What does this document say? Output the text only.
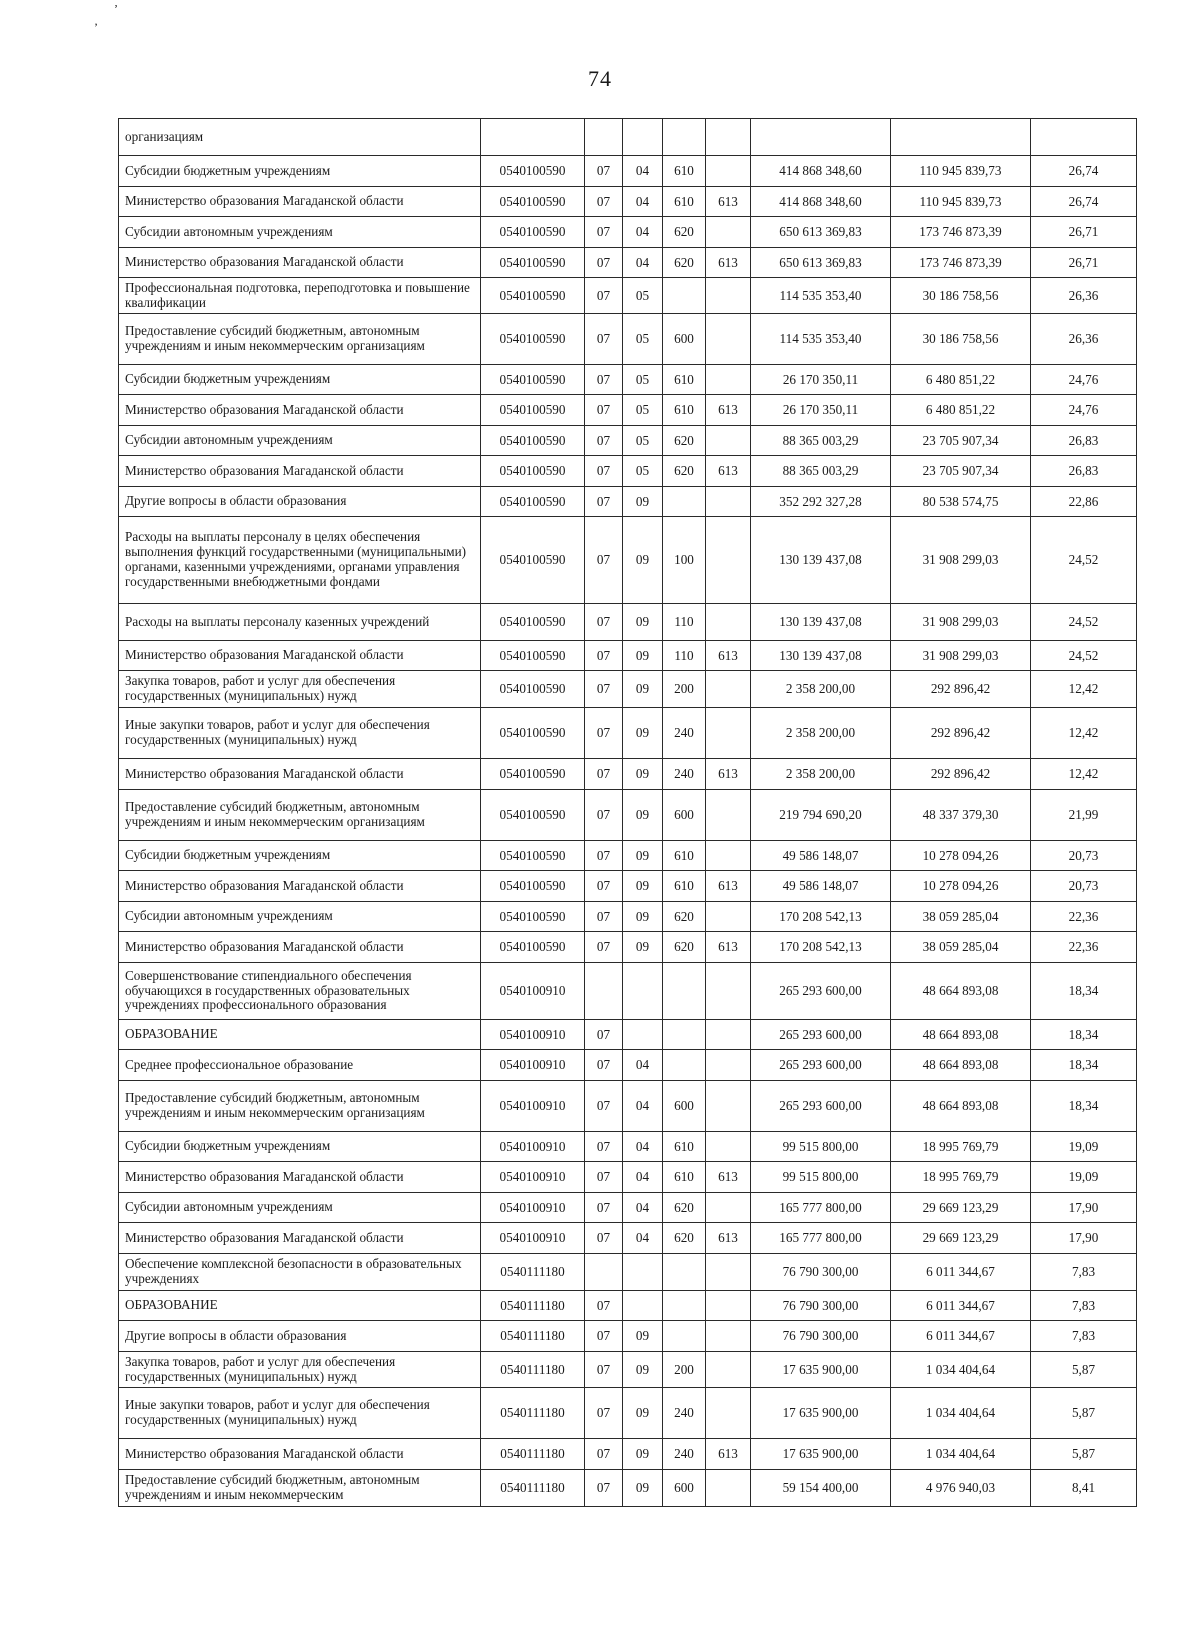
ʼ
’
74
организациям								
Субсидии бюджетным учреждениям	0540100590	07	04	610		414 868 348,60	110 945 839,73	26,74
Министерство образования Магаданской области	0540100590	07	04	610	613	414 868 348,60	110 945 839,73	26,74
Субсидии автономным учреждениям	0540100590	07	04	620		650 613 369,83	173 746 873,39	26,71
Министерство образования Магаданской области	0540100590	07	04	620	613	650 613 369,83	173 746 873,39	26,71
Профессиональная подготовка, переподготовка и повышение квалификации	0540100590	07	05			114 535 353,40	30 186 758,56	26,36
Предоставление субсидий бюджетным, автономным учреждениям и иным некоммерческим организациям	0540100590	07	05	600		114 535 353,40	30 186 758,56	26,36
Субсидии бюджетным учреждениям	0540100590	07	05	610		26 170 350,11	6 480 851,22	24,76
Министерство образования Магаданской области	0540100590	07	05	610	613	26 170 350,11	6 480 851,22	24,76
Субсидии автономным учреждениям	0540100590	07	05	620		88 365 003,29	23 705 907,34	26,83
Министерство образования Магаданской области	0540100590	07	05	620	613	88 365 003,29	23 705 907,34	26,83
Другие вопросы в области образования	0540100590	07	09			352 292 327,28	80 538 574,75	22,86
Расходы на выплаты персоналу в целях обеспечения выполнения функций государственными (муниципальными) органами, казенными учреждениями, органами управления государственными внебюджетными фондами	0540100590	07	09	100		130 139 437,08	31 908 299,03	24,52
Расходы на выплаты персоналу казенных учреждений	0540100590	07	09	110		130 139 437,08	31 908 299,03	24,52
Министерство образования Магаданской области	0540100590	07	09	110	613	130 139 437,08	31 908 299,03	24,52
Закупка товаров, работ и услуг для обеспечения государственных (муниципальных) нужд	0540100590	07	09	200		2 358 200,00	292 896,42	12,42
Иные закупки товаров, работ и услуг для обеспечения государственных (муниципальных) нужд	0540100590	07	09	240		2 358 200,00	292 896,42	12,42
Министерство образования Магаданской области	0540100590	07	09	240	613	2 358 200,00	292 896,42	12,42
Предоставление субсидий бюджетным, автономным учреждениям и иным некоммерческим организациям	0540100590	07	09	600		219 794 690,20	48 337 379,30	21,99
Субсидии бюджетным учреждениям	0540100590	07	09	610		49 586 148,07	10 278 094,26	20,73
Министерство образования Магаданской области	0540100590	07	09	610	613	49 586 148,07	10 278 094,26	20,73
Субсидии автономным учреждениям	0540100590	07	09	620		170 208 542,13	38 059 285,04	22,36
Министерство образования Магаданской области	0540100590	07	09	620	613	170 208 542,13	38 059 285,04	22,36
Совершенствование стипендиального обеспечения обучающихся в государственных образовательных учреждениях профессионального образования	0540100910					265 293 600,00	48 664 893,08	18,34
ОБРАЗОВАНИЕ	0540100910	07				265 293 600,00	48 664 893,08	18,34
Среднее профессиональное образование	0540100910	07	04			265 293 600,00	48 664 893,08	18,34
Предоставление субсидий бюджетным, автономным учреждениям и иным некоммерческим организациям	0540100910	07	04	600		265 293 600,00	48 664 893,08	18,34
Субсидии бюджетным учреждениям	0540100910	07	04	610		99 515 800,00	18 995 769,79	19,09
Министерство образования Магаданской области	0540100910	07	04	610	613	99 515 800,00	18 995 769,79	19,09
Субсидии автономным учреждениям	0540100910	07	04	620		165 777 800,00	29 669 123,29	17,90
Министерство образования Магаданской области	0540100910	07	04	620	613	165 777 800,00	29 669 123,29	17,90
Обеспечение комплексной безопасности в образовательных учреждениях	0540111180					76 790 300,00	6 011 344,67	7,83
ОБРАЗОВАНИЕ	0540111180	07				76 790 300,00	6 011 344,67	7,83
Другие вопросы в области образования	0540111180	07	09			76 790 300,00	6 011 344,67	7,83
Закупка товаров, работ и услуг для обеспечения государственных (муниципальных) нужд	0540111180	07	09	200		17 635 900,00	1 034 404,64	5,87
Иные закупки товаров, работ и услуг для обеспечения государственных (муниципальных) нужд	0540111180	07	09	240		17 635 900,00	1 034 404,64	5,87
Министерство образования Магаданской области	0540111180	07	09	240	613	17 635 900,00	1 034 404,64	5,87
Предоставление субсидий бюджетным, автономным учреждениям и иным некоммерческим	0540111180	07	09	600		59 154 400,00	4 976 940,03	8,41
